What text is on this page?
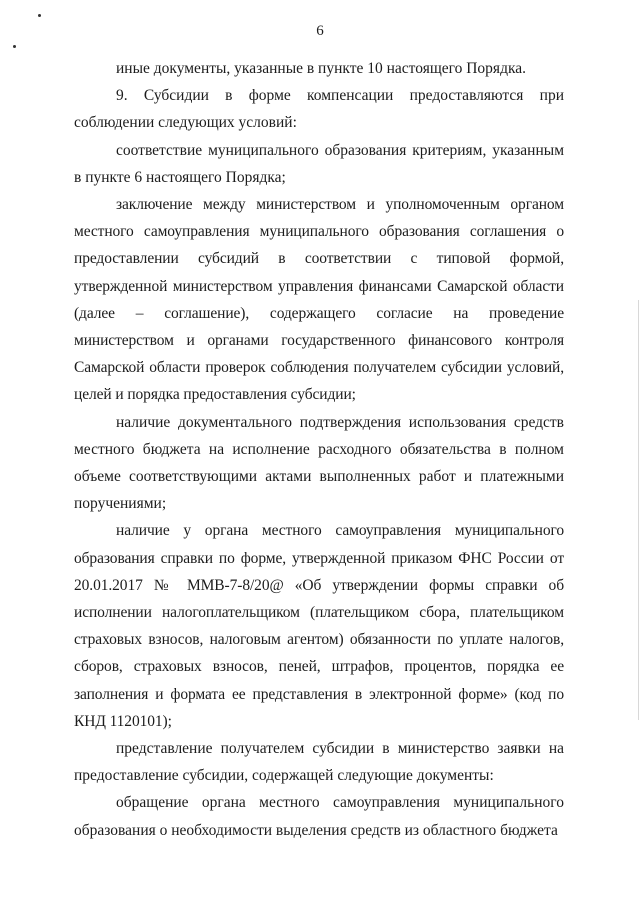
6

иные документы, указанные в пункте 10 настоящего Порядка.

9. Субсидии в форме компенсации предоставляются при соблюдении следующих условий:

соответствие муниципального образования критериям, указанным в пункте 6 настоящего Порядка;

заключение между министерством и уполномоченным органом местного самоуправления муниципального образования соглашения о предоставлении субсидий в соответствии с типовой формой, утвержденной министерством управления финансами Самарской области (далее – соглашение), содержащего согласие на проведение министерством и органами государственного финансового контроля Самарской области проверок соблюдения получателем субсидии условий, целей и порядка предоставления субсидии;

наличие документального подтверждения использования средств местного бюджета на исполнение расходного обязательства в полном объеме соответствующими актами выполненных работ и платежными поручениями;

наличие у органа местного самоуправления муниципального образования справки по форме, утвержденной приказом ФНС России от 20.01.2017 № ММВ-7-8/20@ «Об утверждении формы справки об исполнении налогоплательщиком (плательщиком сбора, плательщиком страховых взносов, налоговым агентом) обязанности по уплате налогов, сборов, страховых взносов, пеней, штрафов, процентов, порядка ее заполнения и формата ее представления в электронной форме» (код по КНД 1120101);

представление получателем субсидии в министерство заявки на предоставление субсидии, содержащей следующие документы:

обращение органа местного самоуправления муниципального образования о необходимости выделения средств из областного бюджета
